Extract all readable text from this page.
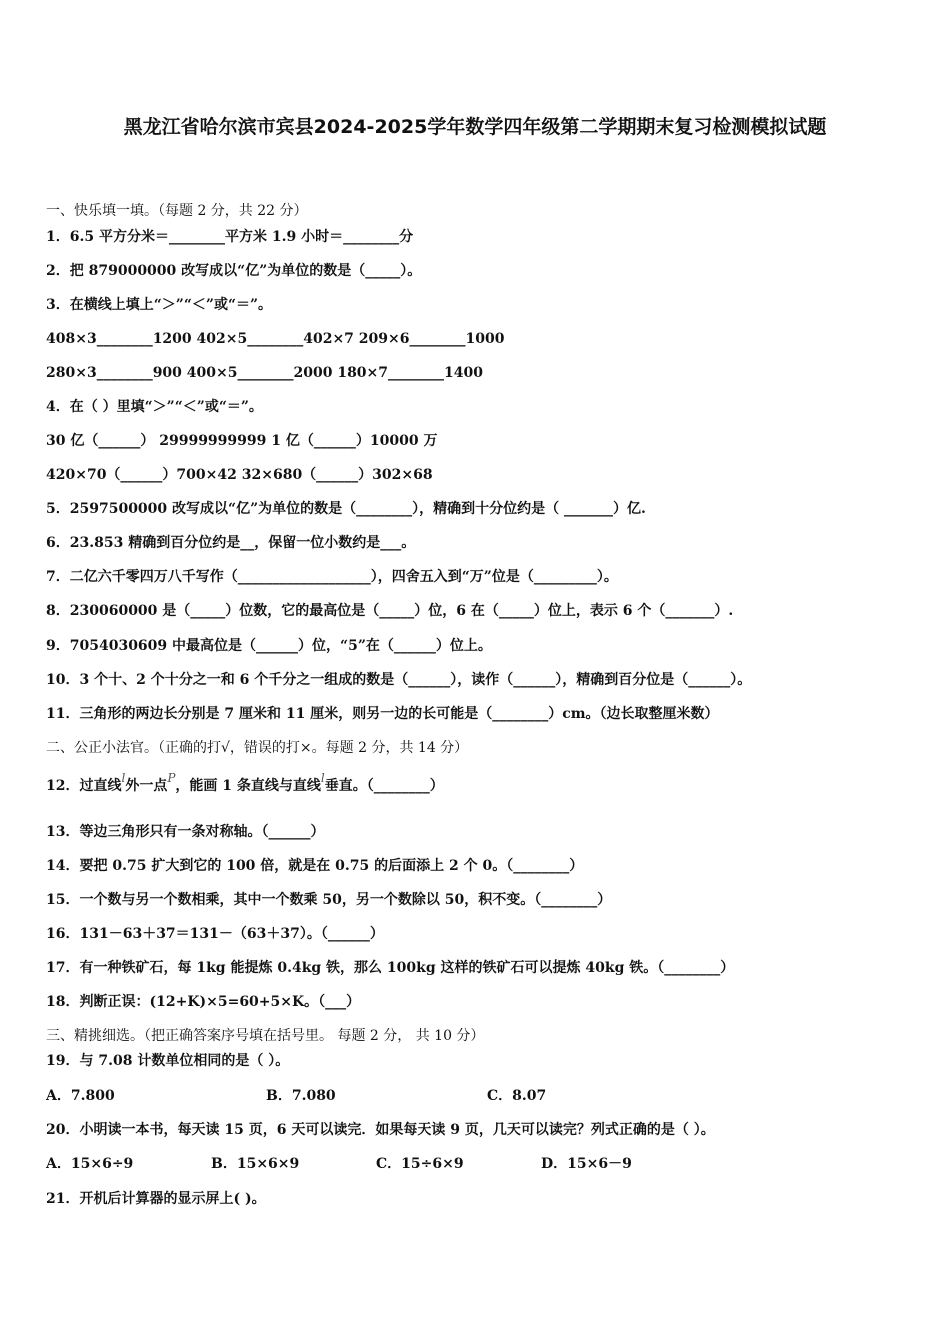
黑龙江省哈尔滨市宾县2024-2025学年数学四年级第二学期期末复习检测模拟试题
一、快乐填一填。（每题 2 分，共 22 分）
1．6.5 平方分米＝________平方米 1.9 小时＝________分
2．把 879000000 改写成以“亿”为单位的数是（_____）。
3．在横线上填上“＞”“＜”或“＝”。
408×3________1200 402×5________402×7 209×6________1000
280×3________900 400×5________2000 180×7________1400
4．在（ ）里填“＞”“＜”或“＝”。
30 亿（______） 29999999999 1 亿（______）10000 万
420×70（______）700×42 32×680（______）302×68
5．2597500000 改写成以“亿”为单位的数是（________），精确到十分位约是（ _______）亿.
6．23.853 精确到百分位约是__，保留一位小数约是___。
7．二亿六千零四万八千写作（___________________），四舍五入到“万”位是（_________）。
8．230060000 是（_____）位数，它的最高位是（_____）位，6 在（_____）位上，表示 6 个（_______）.
9．7054030609 中最高位是（______）位，“5”在（______）位上。
10．3 个十、2 个十分之一和 6 个千分之一组成的数是（______），读作（______），精确到百分位是（______）。
11．三角形的两边长分别是 7 厘米和 11 厘米，则另一边的长可能是（________）cm。（边长取整厘米数）
二、公正小法官。（正确的打√，错误的打×。每题 2 分，共 14 分）
12．过直线l外一点P，能画 1 条直线与直线l垂直。（________）
13．等边三角形只有一条对称轴。（______）
14．要把 0.75 扩大到它的 100 倍，就是在 0.75 的后面添上 2 个 0。（________）
15．一个数与另一个数相乘，其中一个数乘 50，另一个数除以 50，积不变。（________）
16．131－63＋37＝131－（63＋37）。（______）
17．有一种铁矿石，每 1kg 能提炼 0.4kg 铁，那么 100kg 这样的铁矿石可以提炼 40kg 铁。（________）
18．判断正误：(12+K)×5=60+5×K。（___）
三、精挑细选。（把正确答案序号填在括号里。 每题 2 分， 共 10 分）
19．与 7.08 计数单位相同的是（ ）。
A．7.800	B．7.080	C．8.07
20．小明读一本书，每天读 15 页，6 天可以读完．如果每天读 9 页，几天可以读完？列式正确的是（ ）。
A．15×6÷9	B．15×6×9	C．15÷6×9	D．15×6－9
21．开机后计算器的显示屏上( )。
